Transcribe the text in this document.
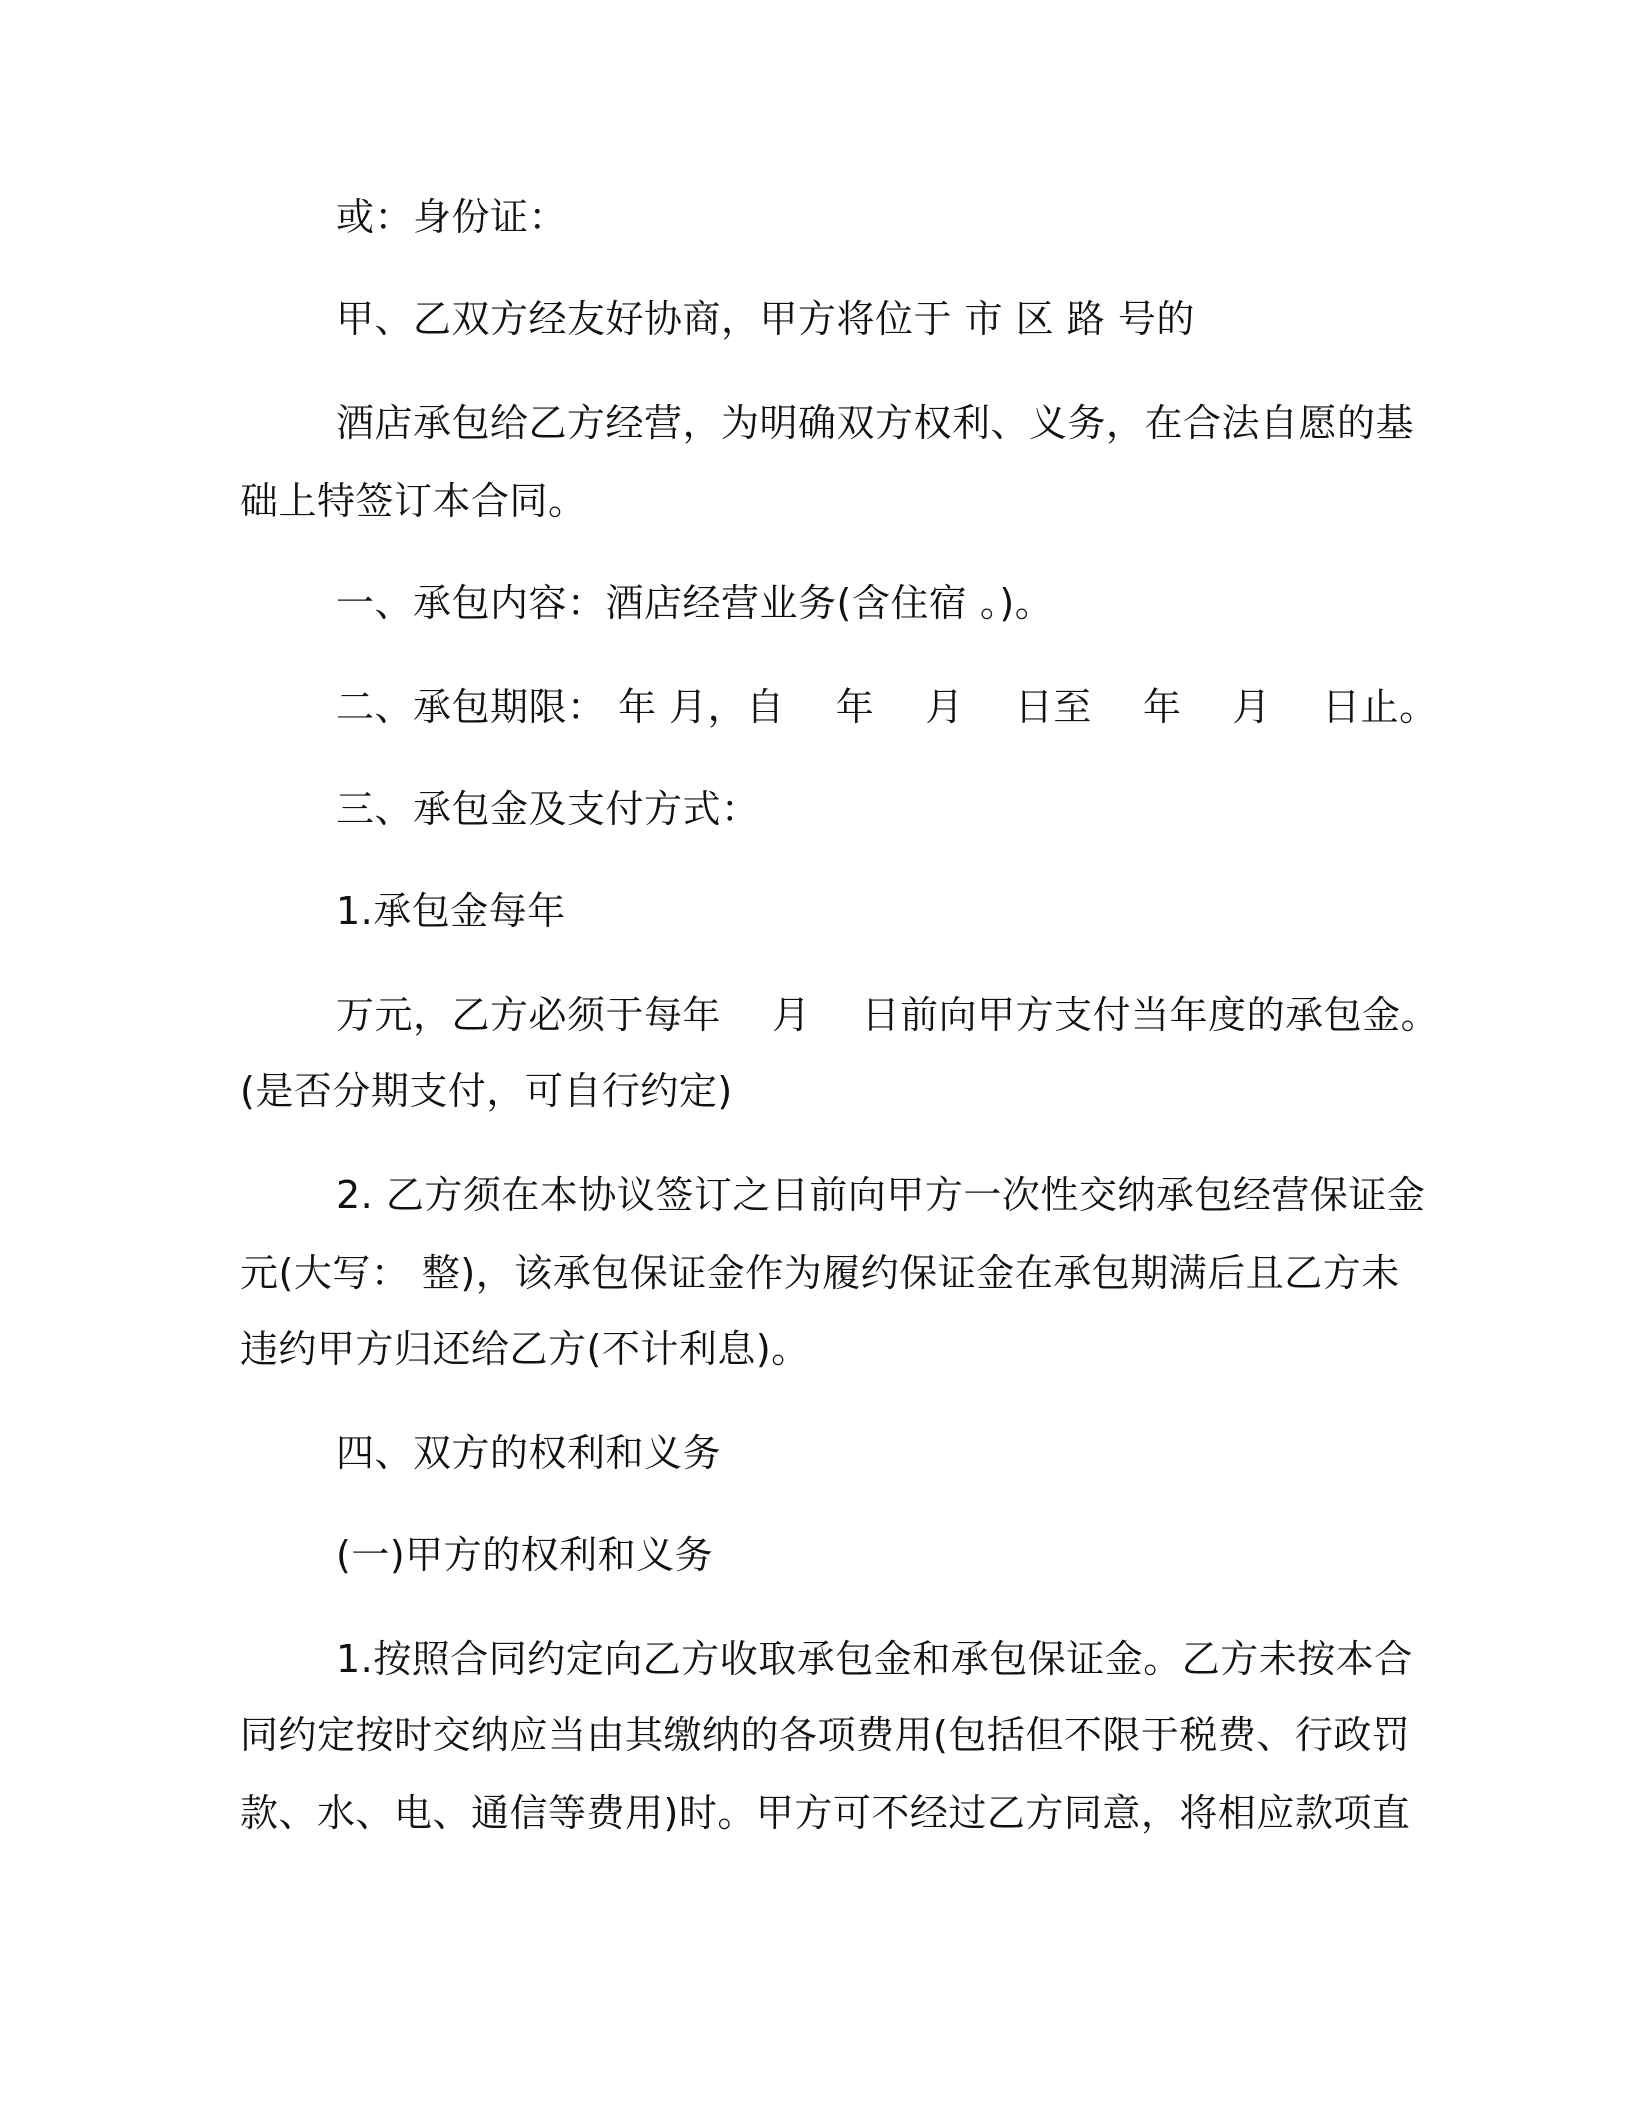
或：身份证：
甲、乙双方经友好协商，甲方将位于 市 区 路 号的
酒店承包给乙方经营，为明确双方权利、义务，在合法自愿的基
础上特签订本合同。
一、承包内容：酒店经营业务(含住宿 。)。
二、承包期限： 年 月，自　 年　 月　 日至　 年　 月　 日止。
三、承包金及支付方式：
1.承包金每年
万元，乙方必须于每年　 月　 日前向甲方支付当年度的承包金。
(是否分期支付，可自行约定)
2. 乙方须在本协议签订之日前向甲方一次性交纳承包经营保证金
元(大写： 整)，该承包保证金作为履约保证金在承包期满后且乙方未
违约甲方归还给乙方(不计利息)。
四、双方的权利和义务
(一)甲方的权利和义务
1.按照合同约定向乙方收取承包金和承包保证金。乙方未按本合
同约定按时交纳应当由其缴纳的各项费用(包括但不限于税费、行政罚
款、水、电、通信等费用)时。甲方可不经过乙方同意，将相应款项直
